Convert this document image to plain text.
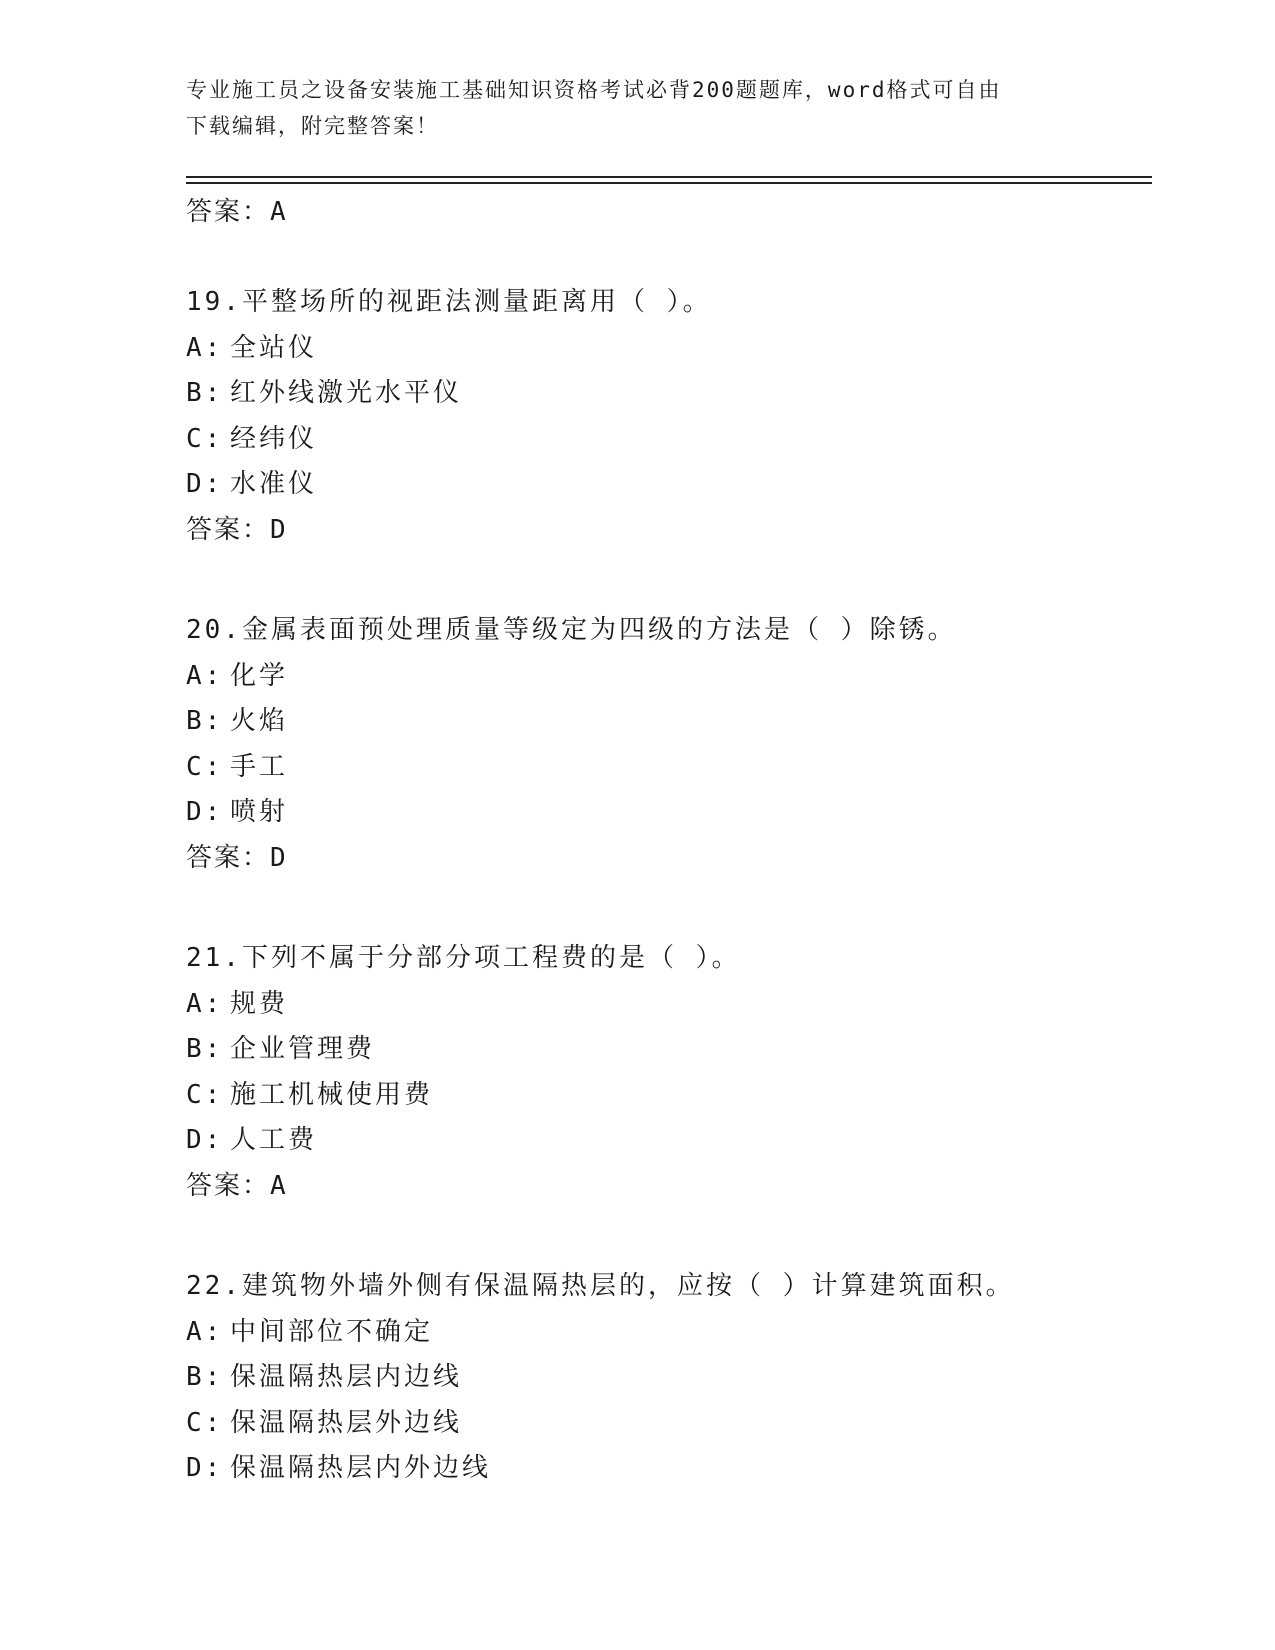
专业施工员之设备安装施工基础知识资格考试必背200题题库，word格式可自由
下载编辑，附完整答案！
答案：A
19.平整场所的视距法测量距离用（ ）。
A: 全站仪
B: 红外线激光水平仪
C: 经纬仪
D: 水准仪
答案：D
20.金属表面预处理质量等级定为四级的方法是（ ）除锈。
A: 化学
B: 火焰
C: 手工
D: 喷射
答案：D
21.下列不属于分部分项工程费的是（ ）。
A: 规费
B: 企业管理费
C: 施工机械使用费
D: 人工费
答案：A
22.建筑物外墙外侧有保温隔热层的，应按（ ）计算建筑面积。
A: 中间部位不确定
B: 保温隔热层内边线
C: 保温隔热层外边线
D: 保温隔热层内外边线
